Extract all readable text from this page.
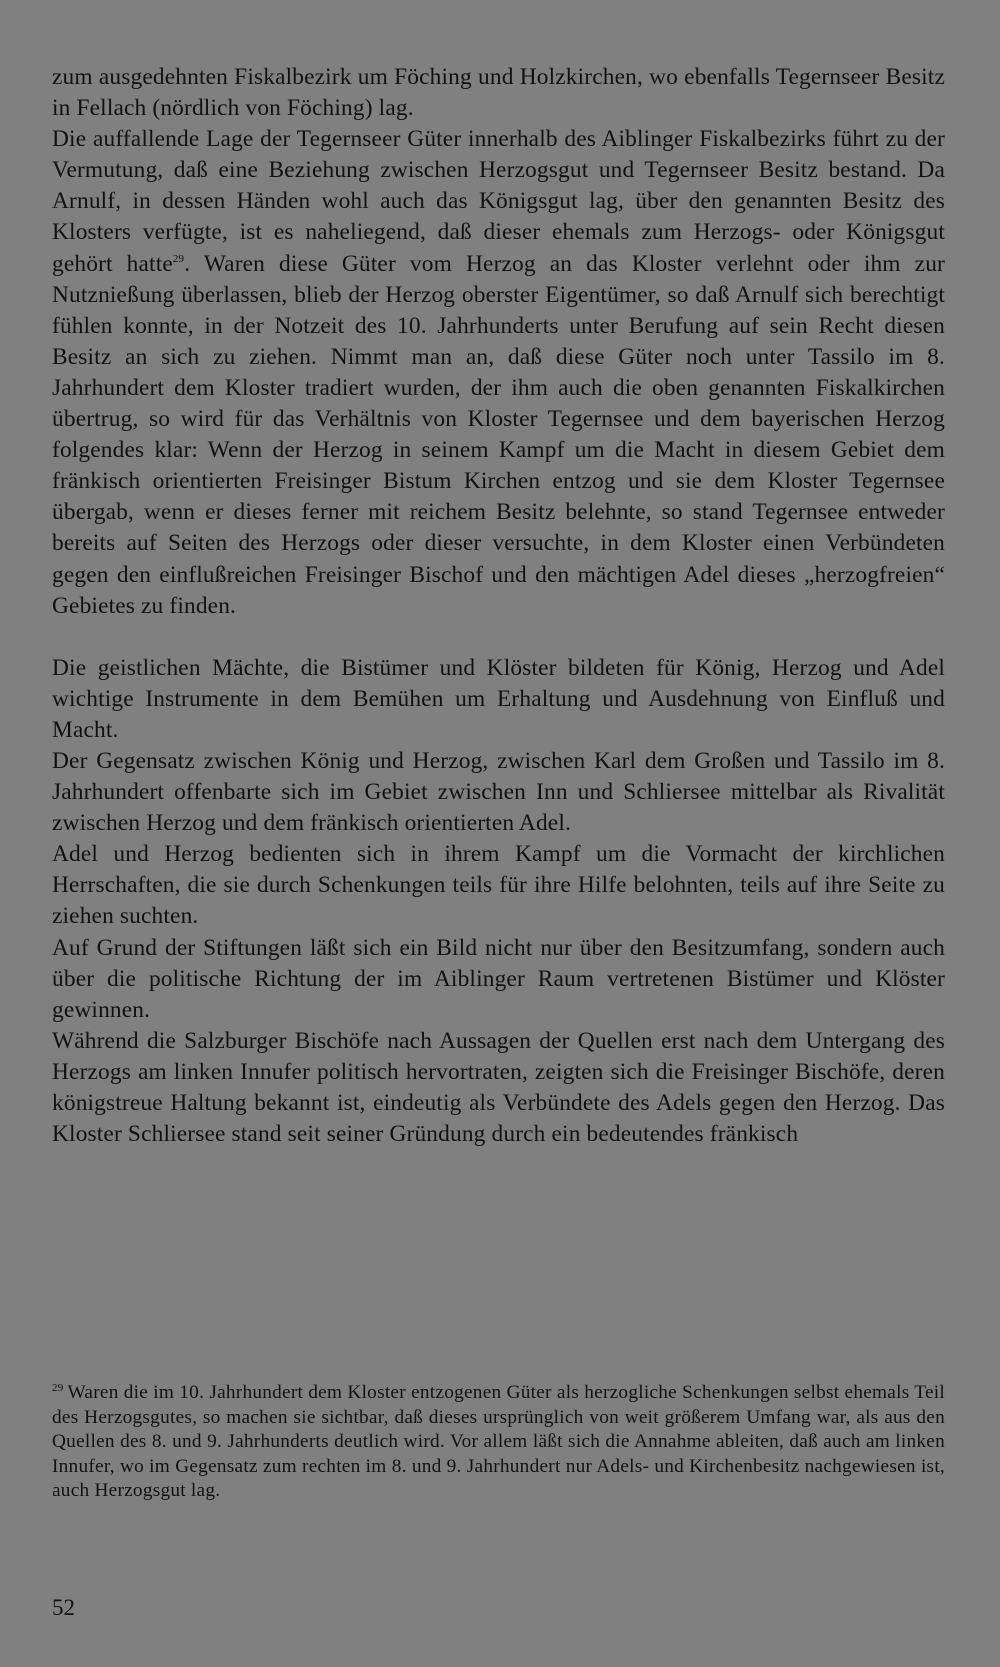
zum ausgedehnten Fiskalbezirk um Föching und Holzkirchen, wo ebenfalls Tegernseer Besitz in Fellach (nördlich von Föching) lag.

Die auffallende Lage der Tegernseer Güter innerhalb des Aiblinger Fiskalbezirks führt zu der Vermutung, daß eine Beziehung zwischen Herzogsgut und Tegernseer Besitz bestand. Da Arnulf, in dessen Händen wohl auch das Königsgut lag, über den genannten Besitz des Klosters verfügte, ist es naheliegend, daß dieser ehemals zum Herzogs- oder Königsgut gehört hatte$^{29}$. Waren diese Güter vom Herzog an das Kloster verlehnt oder ihm zur Nutznießung überlassen, blieb der Herzog oberster Eigentümer, so daß Arnulf sich berechtigt fühlen konnte, in der Notzeit des 10. Jahrhunderts unter Berufung auf sein Recht diesen Besitz an sich zu ziehen. Nimmt man an, daß diese Güter noch unter Tassilo im 8. Jahrhundert dem Kloster tradiert wurden, der ihm auch die oben genannten Fiskalkirchen übertrug, so wird für das Verhältnis von Kloster Tegernsee und dem bayerischen Herzog folgendes klar: Wenn der Herzog in seinem Kampf um die Macht in diesem Gebiet dem fränkisch orientierten Freisinger Bistum Kirchen entzog und sie dem Kloster Tegernsee übergab, wenn er dieses ferner mit reichem Besitz belehnte, so stand Tegernsee entweder bereits auf Seiten des Herzogs oder dieser versuchte, in dem Kloster einen Verbündeten gegen den einflußreichen Freisinger Bischof und den mächtigen Adel dieses „herzogfreien“ Gebietes zu finden.

Die geistlichen Mächte, die Bistümer und Klöster bildeten für König, Herzog und Adel wichtige Instrumente in dem Bemühen um Erhaltung und Ausdehnung von Einfluß und Macht.

Der Gegensatz zwischen König und Herzog, zwischen Karl dem Großen und Tassilo im 8. Jahrhundert offenbarte sich im Gebiet zwischen Inn und Schliersee mittelbar als Rivalität zwischen Herzog und dem fränkisch orientierten Adel.

Adel und Herzog bedienten sich in ihrem Kampf um die Vormacht der kirchlichen Herrschaften, die sie durch Schenkungen teils für ihre Hilfe belohnten, teils auf ihre Seite zu ziehen suchten.

Auf Grund der Stiftungen läßt sich ein Bild nicht nur über den Besitzumfang, sondern auch über die politische Richtung der im Aiblinger Raum vertretenen Bistümer und Klöster gewinnen.

Während die Salzburger Bischöfe nach Aussagen der Quellen erst nach dem Untergang des Herzogs am linken Innufer politisch hervortraten, zeigten sich die Freisinger Bischöfe, deren königstreue Haltung bekannt ist, eindeutig als Verbündete des Adels gegen den Herzog. Das Kloster Schliersee stand seit seiner Gründung durch ein bedeutendes fränkisch

$^{29}$ Waren die im 10. Jahrhundert dem Kloster entzogenen Güter als herzogliche Schenkungen selbst ehemals Teil des Herzogsgutes, so machen sie sichtbar, daß dieses ursprünglich von weit größerem Umfang war, als aus den Quellen des 8. und 9. Jahrhunderts deutlich wird. Vor allem läßt sich die Annahme ableiten, daß auch am linken Innufer, wo im Gegensatz zum rechten im 8. und 9. Jahrhundert nur Adels- und Kirchenbesitz nachgewiesen ist, auch Herzogsgut lag.
52
